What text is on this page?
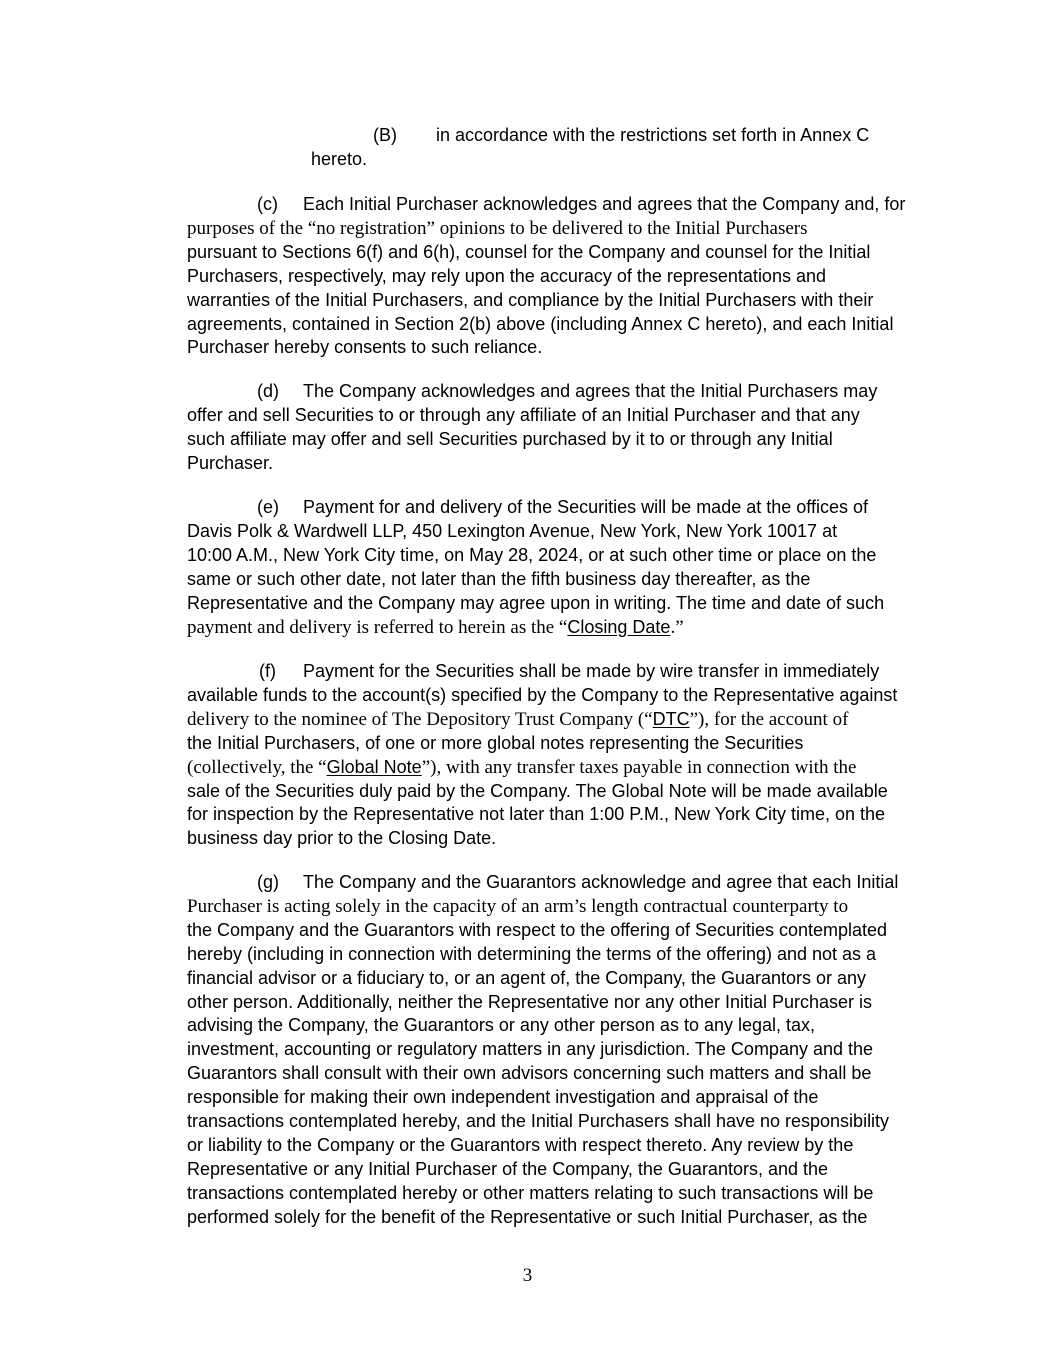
(B) in accordance with the restrictions set forth in Annex C
hereto.
(c) Each Initial Purchaser acknowledges and agrees that the Company and, for
purposes of the “no registration” opinions to be delivered to the Initial Purchasers
pursuant to Sections 6(f) and 6(h), counsel for the Company and counsel for the Initial
Purchasers, respectively, may rely upon the accuracy of the representations and
warranties of the Initial Purchasers, and compliance by the Initial Purchasers with their
agreements, contained in Section 2(b) above (including Annex C hereto), and each Initial
Purchaser hereby consents to such reliance.
(d) The Company acknowledges and agrees that the Initial Purchasers may
offer and sell Securities to or through any affiliate of an Initial Purchaser and that any
such affiliate may offer and sell Securities purchased by it to or through any Initial
Purchaser.
(e) Payment for and delivery of the Securities will be made at the offices of
Davis Polk & Wardwell LLP, 450 Lexington Avenue, New York, New York 10017 at
10:00 A.M., New York City time, on May 28, 2024, or at such other time or place on the
same or such other date, not later than the fifth business day thereafter, as the
Representative and the Company may agree upon in writing. The time and date of such
payment and delivery is referred to herein as the “Closing Date.”
(f) Payment for the Securities shall be made by wire transfer in immediately
available funds to the account(s) specified by the Company to the Representative against
delivery to the nominee of The Depository Trust Company (“DTC”), for the account of
the Initial Purchasers, of one or more global notes representing the Securities
(collectively, the “Global Note”), with any transfer taxes payable in connection with the
sale of the Securities duly paid by the Company. The Global Note will be made available
for inspection by the Representative not later than 1:00 P.M., New York City time, on the
business day prior to the Closing Date.
(g) The Company and the Guarantors acknowledge and agree that each Initial
Purchaser is acting solely in the capacity of an arm’s length contractual counterparty to
the Company and the Guarantors with respect to the offering of Securities contemplated
hereby (including in connection with determining the terms of the offering) and not as a
financial advisor or a fiduciary to, or an agent of, the Company, the Guarantors or any
other person. Additionally, neither the Representative nor any other Initial Purchaser is
advising the Company, the Guarantors or any other person as to any legal, tax,
investment, accounting or regulatory matters in any jurisdiction. The Company and the
Guarantors shall consult with their own advisors concerning such matters and shall be
responsible for making their own independent investigation and appraisal of the
transactions contemplated hereby, and the Initial Purchasers shall have no responsibility
or liability to the Company or the Guarantors with respect thereto. Any review by the
Representative or any Initial Purchaser of the Company, the Guarantors, and the
transactions contemplated hereby or other matters relating to such transactions will be
performed solely for the benefit of the Representative or such Initial Purchaser, as the
3
